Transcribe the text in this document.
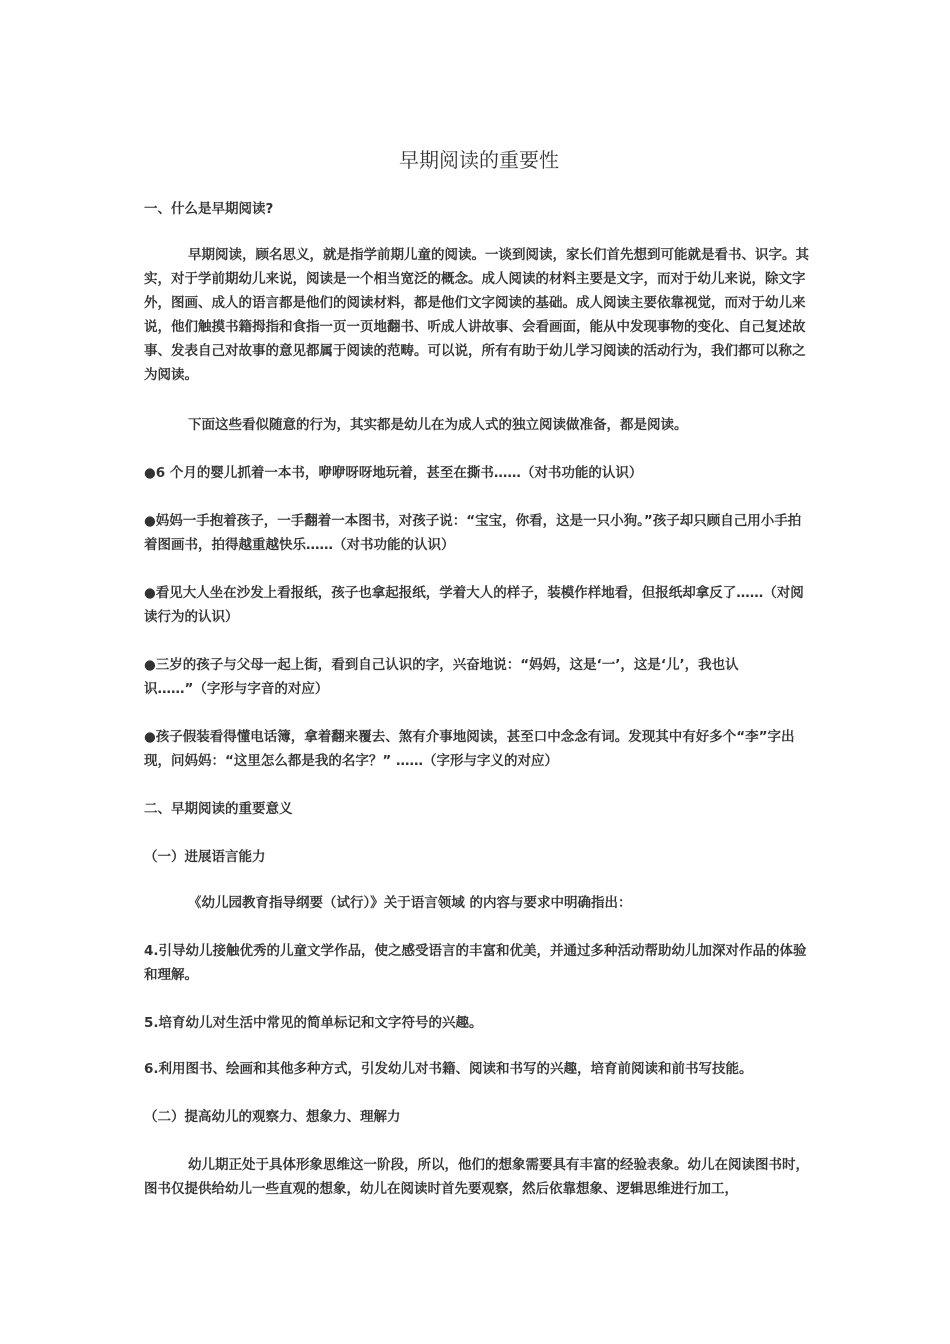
早期阅读的重要性

一、什么是早期阅读?

早期阅读，顾名思义，就是指学前期儿童的阅读。一谈到阅读，家长们首先想到可能就是看书、识字。其实，对于学前期幼儿来说，阅读是一个相当宽泛的概念。成人阅读的材料主要是文字，而对于幼儿来说，除文字外，图画、成人的语言都是他们的阅读材料，都是他们文字阅读的基础。成人阅读主要依靠视觉，而对于幼儿来说，他们触摸书籍拇指和食指一页一页地翻书、听成人讲故事、会看画面，能从中发现事物的变化、自己复述故事、发表自己对故事的意见都属于阅读的范畴。可以说，所有有助于幼儿学习阅读的活动行为，我们都可以称之为阅读。

下面这些看似随意的行为，其实都是幼儿在为成人式的独立阅读做准备，都是阅读。

●6 个月的婴儿抓着一本书，咿咿呀呀地玩着，甚至在撕书……（对书功能的认识）

●妈妈一手抱着孩子，一手翻着一本图书，对孩子说：“宝宝，你看，这是一只小狗。”孩子却只顾自己用小手拍着图画书，拍得越重越快乐……（对书功能的认识）

●看见大人坐在沙发上看报纸，孩子也拿起报纸，学着大人的样子，装模作样地看，但报纸却拿反了……（对阅读行为的认识）

●三岁的孩子与父母一起上街，看到自己认识的字，兴奋地说：“妈妈，这是‘一’，这是‘儿’，我也认识……”（字形与字音的对应）

●孩子假装看得懂电话簿，拿着翻来覆去、煞有介事地阅读，甚至口中念念有词。发现其中有好多个“李”字出现，问妈妈：“这里怎么都是我的名字？” ……（字形与字义的对应）

二、早期阅读的重要意义

（一）进展语言能力

《幼儿园教育指导纲要（试行）》关于语言领域 的内容与要求中明确指出：

4.引导幼儿接触优秀的儿童文学作品，使之感受语言的丰富和优美，并通过多种活动帮助幼儿加深对作品的体验和理解。

5.培育幼儿对生活中常见的简单标记和文字符号的兴趣。

6.利用图书、绘画和其他多种方式，引发幼儿对书籍、阅读和书写的兴趣，培育前阅读和前书写技能。

（二）提高幼儿的观察力、想象力、理解力

幼儿期正处于具体形象思维这一阶段，所以，他们的想象需要具有丰富的经验表象。幼儿在阅读图书时，图书仅提供给幼儿一些直观的想象，幼儿在阅读时首先要观察，然后依靠想象、逻辑思维进行加工，
